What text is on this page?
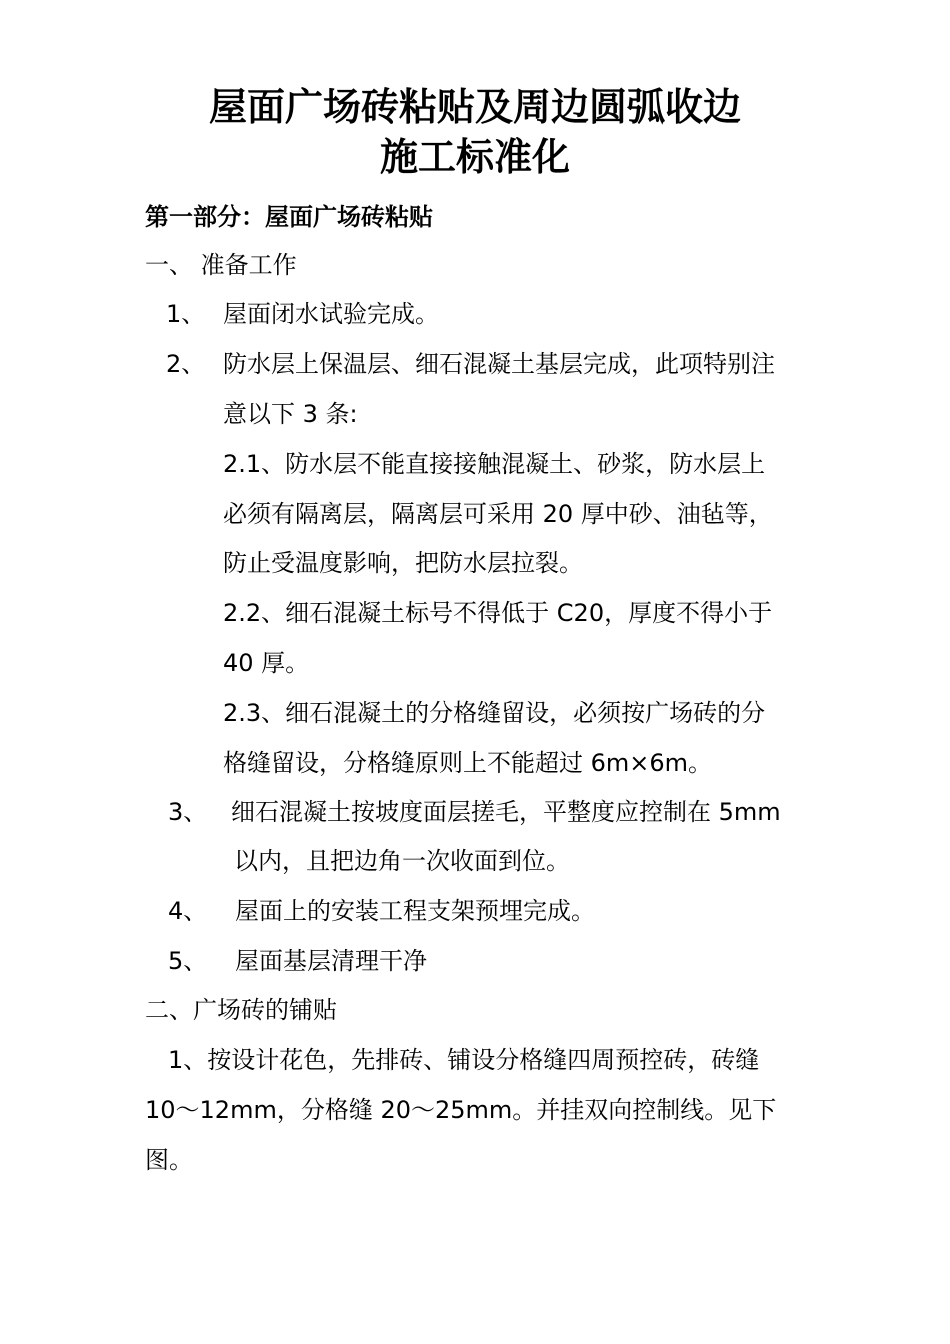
屋面广场砖粘贴及周边圆弧收边
施工标准化
第一部分：屋面广场砖粘贴
一、 准备工作
1、 屋面闭水试验完成。
2、 防水层上保温层、细石混凝土基层完成，此项特别注
意以下 3 条:
2.1、防水层不能直接接触混凝土、砂浆，防水层上
必须有隔离层，隔离层可采用 20 厚中砂、油毡等，
防止受温度影响，把防水层拉裂。
2.2、细石混凝土标号不得低于 C20，厚度不得小于
40 厚。
2.3、细石混凝土的分格缝留设，必须按广场砖的分
格缝留设，分格缝原则上不能超过 6m×6m。
3、 细石混凝土按坡度面层搓毛，平整度应控制在 5mm
以内，且把边角一次收面到位。
4、 屋面上的安装工程支架预埋完成。
5、 屋面基层清理干净
二、广场砖的铺贴
1、按设计花色，先排砖、铺设分格缝四周预控砖，砖缝
10～12mm，分格缝 20～25mm。并挂双向控制线。见下
图。
